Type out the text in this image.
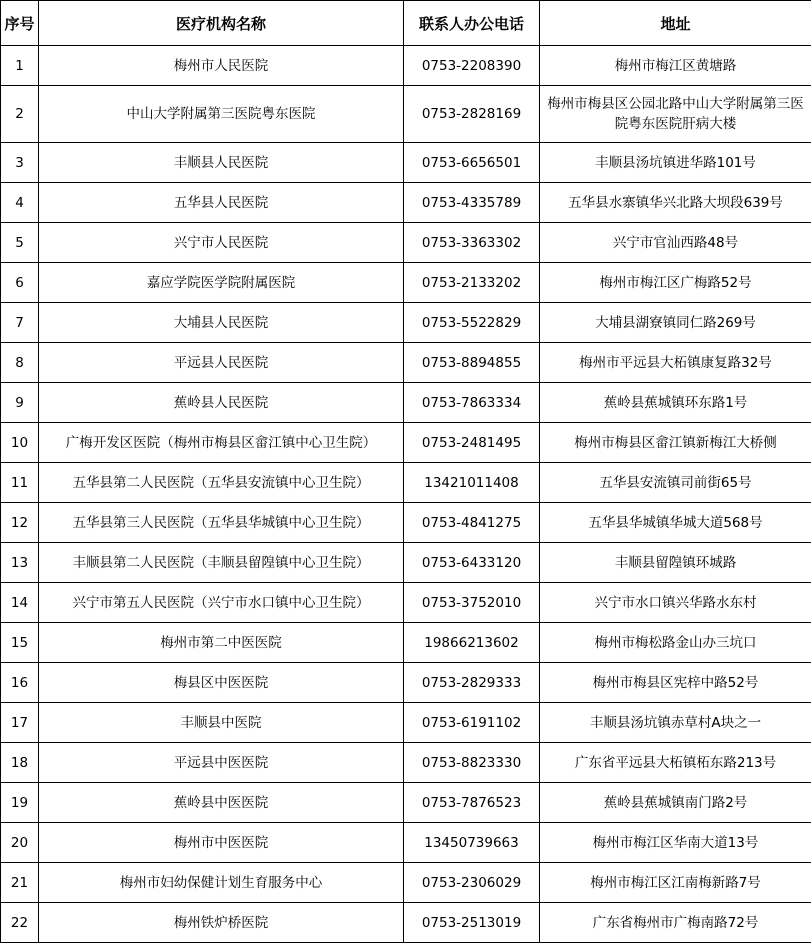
序号	医疗机构名称	联系人办公电话	地址
1	梅州市人民医院	0753-2208390	梅州市梅江区黄塘路
2	中山大学附属第三医院粤东医院	0753-2828169	梅州市梅县区公园北路中山大学附属第三医院粤东医院肝病大楼
3	丰顺县人民医院	0753-6656501	丰顺县汤坑镇进华路101号
4	五华县人民医院	0753-4335789	五华县水寨镇华兴北路大坝段639号
5	兴宁市人民医院	0753-3363302	兴宁市官汕西路48号
6	嘉应学院医学院附属医院	0753-2133202	梅州市梅江区广梅路52号
7	大埔县人民医院	0753-5522829	大埔县湖寮镇同仁路269号
8	平远县人民医院	0753-8894855	梅州市平远县大柘镇康复路32号
9	蕉岭县人民医院	0753-7863334	蕉岭县蕉城镇环东路1号
10	广梅开发区医院（梅州市梅县区畲江镇中心卫生院）	0753-2481495	梅州市梅县区畲江镇新梅江大桥侧
11	五华县第二人民医院（五华县安流镇中心卫生院）	13421011408	五华县安流镇司前街65号
12	五华县第三人民医院（五华县华城镇中心卫生院）	0753-4841275	五华县华城镇华城大道568号
13	丰顺县第二人民医院（丰顺县留隍镇中心卫生院）	0753-6433120	丰顺县留隍镇环城路
14	兴宁市第五人民医院（兴宁市水口镇中心卫生院）	0753-3752010	兴宁市水口镇兴华路水东村
15	梅州市第二中医医院	19866213602	梅州市梅松路金山办三坑口
16	梅县区中医医院	0753-2829333	梅州市梅县区宪梓中路52号
17	丰顺县中医院	0753-6191102	丰顺县汤坑镇赤草村A块之一
18	平远县中医医院	0753-8823330	广东省平远县大柘镇柘东路213号
19	蕉岭县中医医院	0753-7876523	蕉岭县蕉城镇南门路2号
20	梅州市中医医院	13450739663	梅州市梅江区华南大道13号
21	梅州市妇幼保健计划生育服务中心	0753-2306029	梅州市梅江区江南梅新路7号
22	梅州铁炉桥医院	0753-2513019	广东省梅州市广梅南路72号
